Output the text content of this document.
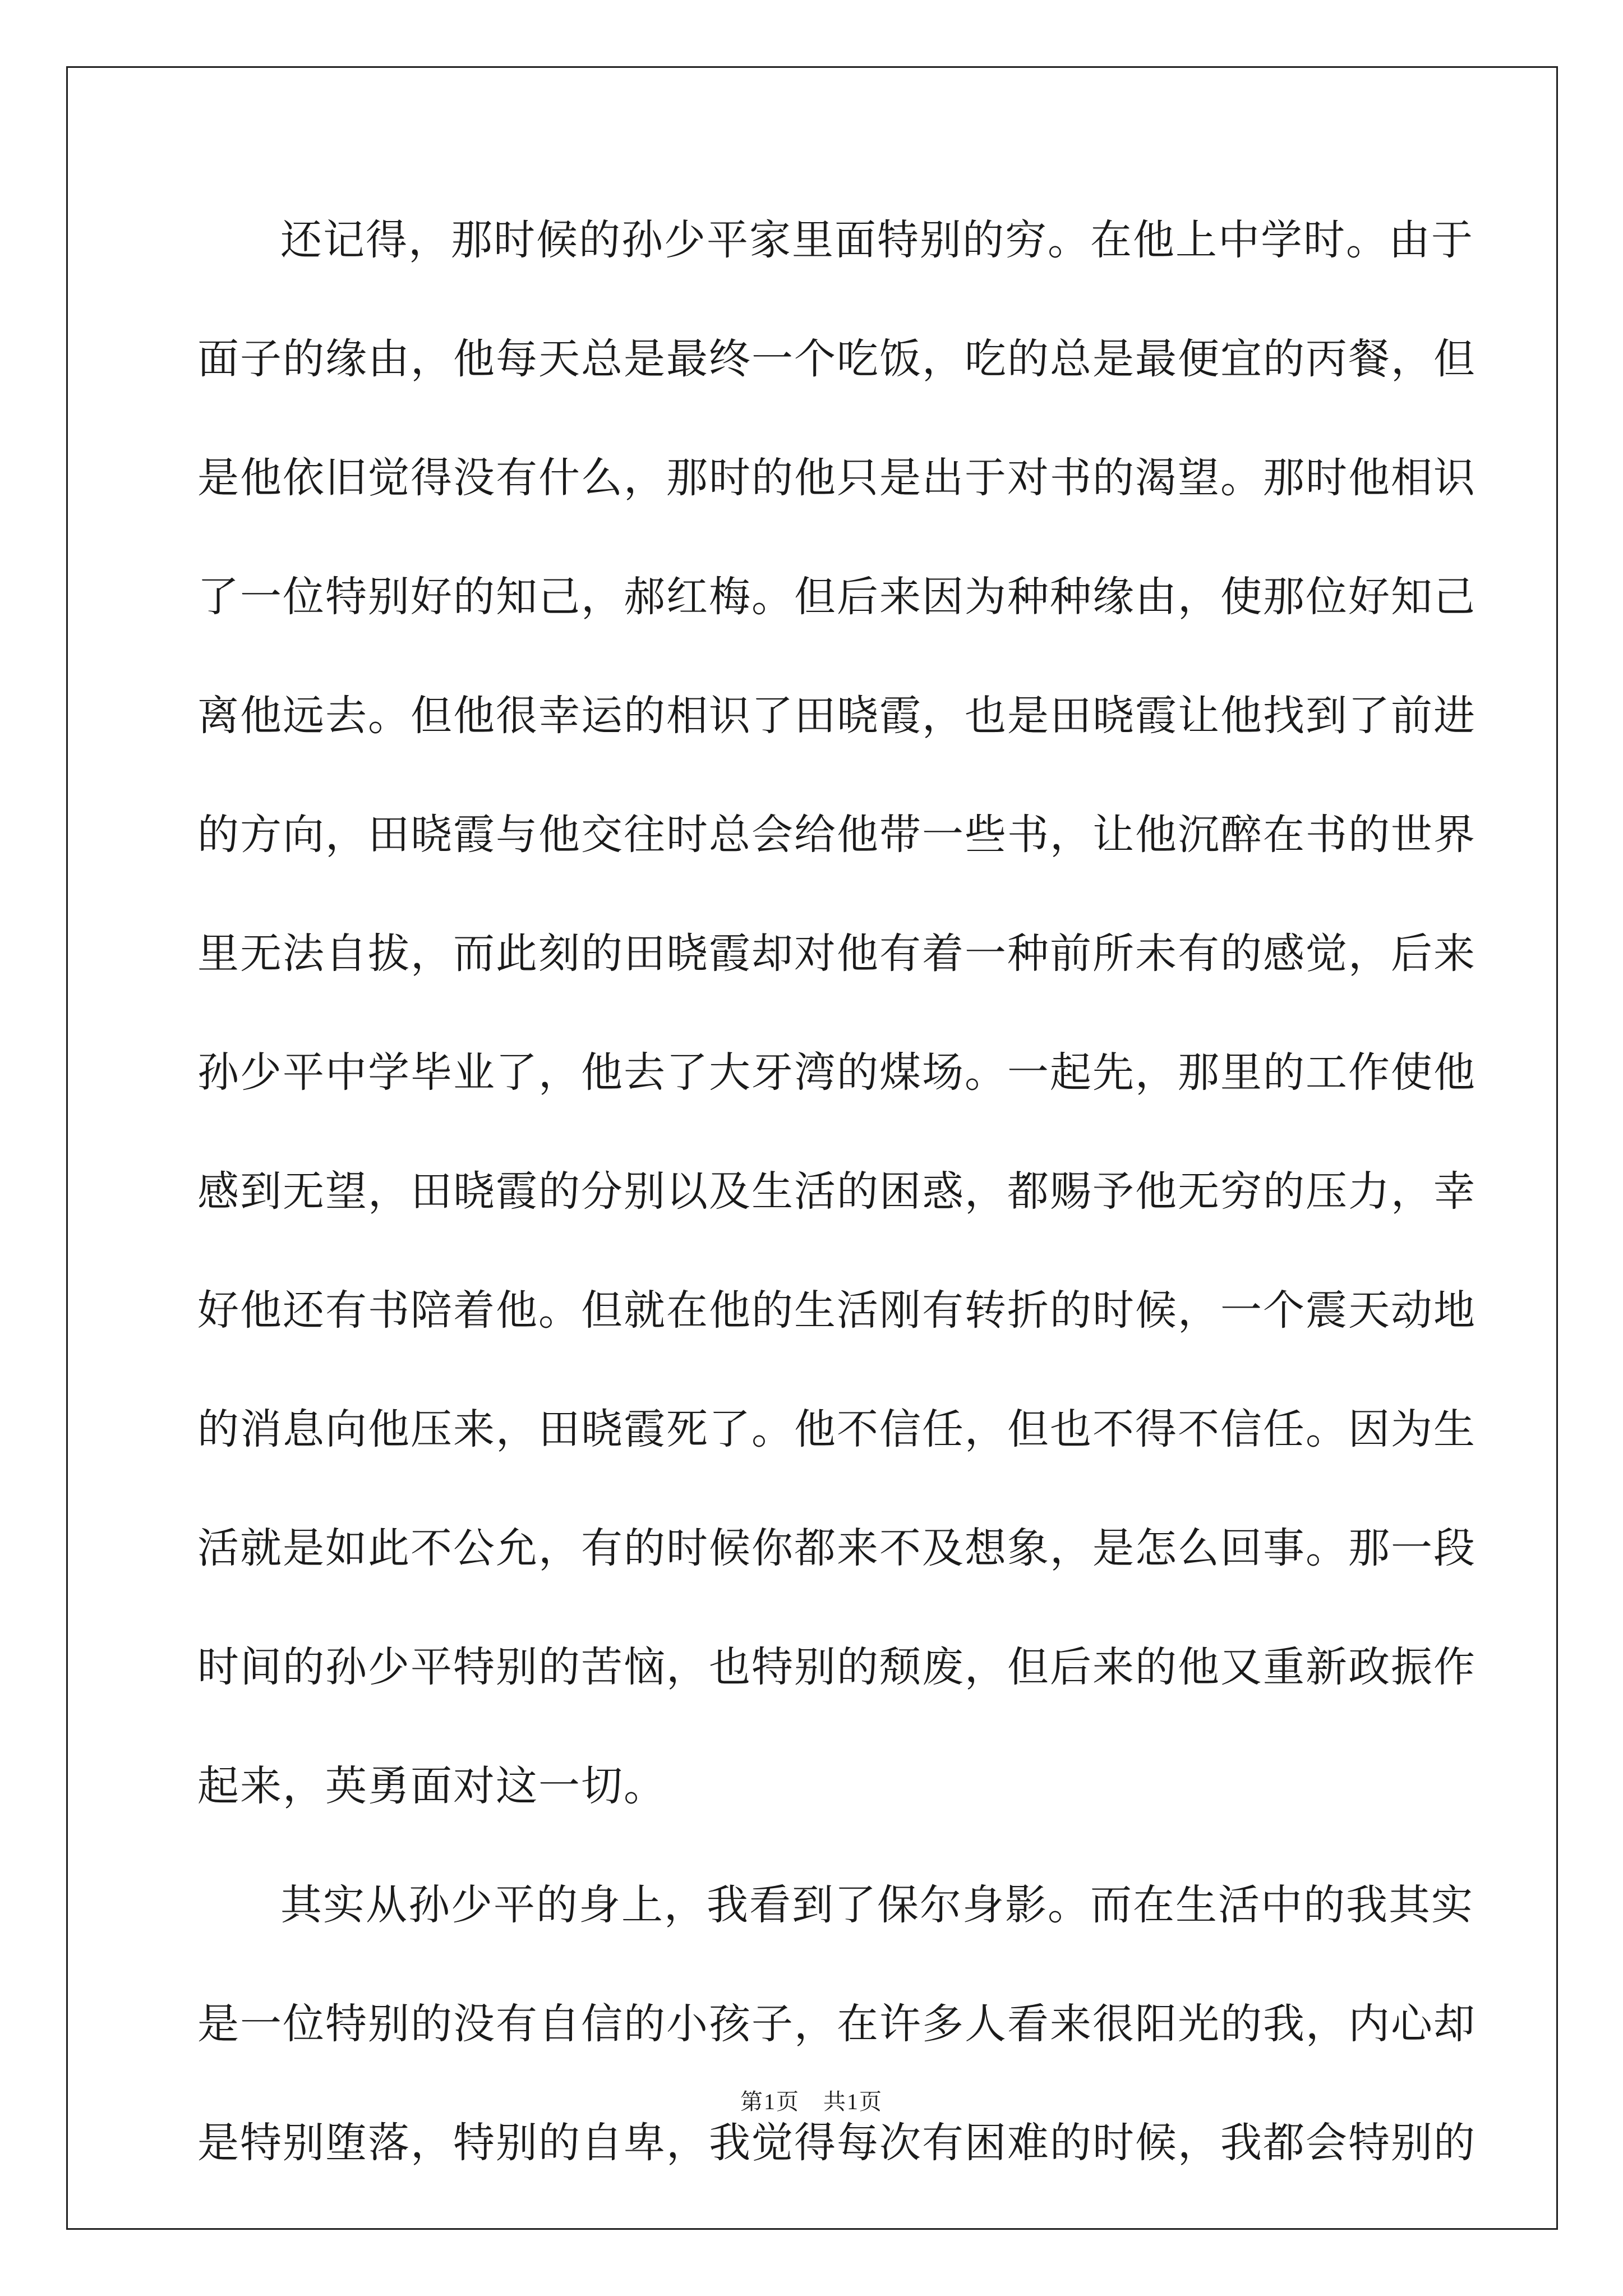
还记得，那时候的孙少平家里面特别的穷。在他上中学时。由于
面子的缘由，他每天总是最终一个吃饭，吃的总是最便宜的丙餐，但
是他依旧觉得没有什么，那时的他只是出于对书的渴望。那时他相识
了一位特别好的知己，郝红梅。但后来因为种种缘由，使那位好知己
离他远去。但他很幸运的相识了田晓霞，也是田晓霞让他找到了前进
的方向，田晓霞与他交往时总会给他带一些书，让他沉醉在书的世界
里无法自拔，而此刻的田晓霞却对他有着一种前所未有的感觉，后来
孙少平中学毕业了，他去了大牙湾的煤场。一起先，那里的工作使他
感到无望，田晓霞的分别以及生活的困惑，都赐予他无穷的压力，幸
好他还有书陪着他。但就在他的生活刚有转折的时候，一个震天动地
的消息向他压来，田晓霞死了。他不信任，但也不得不信任。因为生
活就是如此不公允，有的时候你都来不及想象，是怎么回事。那一段
时间的孙少平特别的苦恼，也特别的颓废，但后来的他又重新政振作
起来，英勇面对这一切。
其实从孙少平的身上，我看到了保尔身影。而在生活中的我其实
是一位特别的没有自信的小孩子，在许多人看来很阳光的我，内心却
是特别堕落，特别的自卑，我觉得每次有困难的时候，我都会特别的
第1页　共1页
